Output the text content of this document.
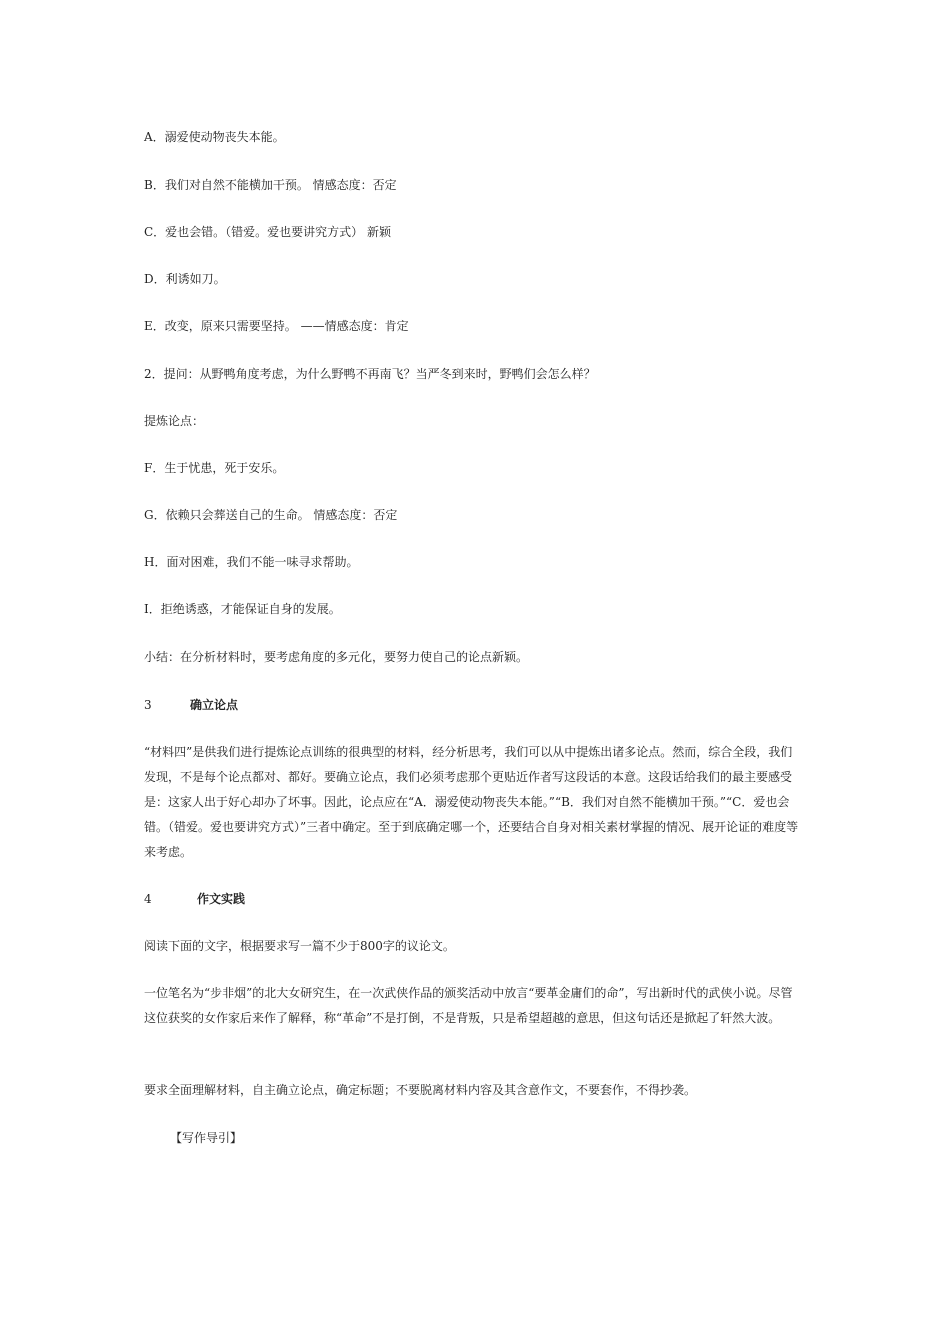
A．溺爱使动物丧失本能。
B．我们对自然不能横加干预。 情感态度：否定
C．爱也会错。（错爱。爱也要讲究方式） 新颖
D．利诱如刀。
E．改变，原来只需要坚持。 ——情感态度：肯定
2．提问：从野鸭角度考虑，为什么野鸭不再南飞？当严冬到来时，野鸭们会怎么样？
提炼论点：
F．生于忧患，死于安乐。
G．依赖只会葬送自己的生命。 情感态度：否定
H．面对困难，我们不能一味寻求帮助。
I．拒绝诱惑，才能保证自身的发展。
小结：在分析材料时，要考虑角度的多元化，要努力使自己的论点新颖。
3	确立论点
“材料四”是供我们进行提炼论点训练的很典型的材料，经分析思考，我们可以从中提炼出诸多论点。然而，综合全段，我们发现，不是每个论点都对、都好。要确立论点，我们必须考虑那个更贴近作者写这段话的本意。这段话给我们的最主要感受是：这家人出于好心却办了坏事。因此，论点应在“A．溺爱使动物丧失本能。”“B．我们对自然不能横加干预。”“C．爱也会错。（错爱。爱也要讲究方式）”三者中确定。至于到底确定哪一个，还要结合自身对相关素材掌握的情况、展开论证的难度等来考虑。
4	作文实践
阅读下面的文字，根据要求写一篇不少于800字的议论文。
一位笔名为“步非烟”的北大女研究生，在一次武侠作品的颁奖活动中放言“要革金庸们的命”，写出新时代的武侠小说。尽管这位获奖的女作家后来作了解释，称“革命”不是打倒，不是背叛，只是希望超越的意思，但这句话还是掀起了轩然大波。
要求全面理解材料，自主确立论点，确定标题；不要脱离材料内容及其含意作文，不要套作，不得抄袭。
【写作导引】
